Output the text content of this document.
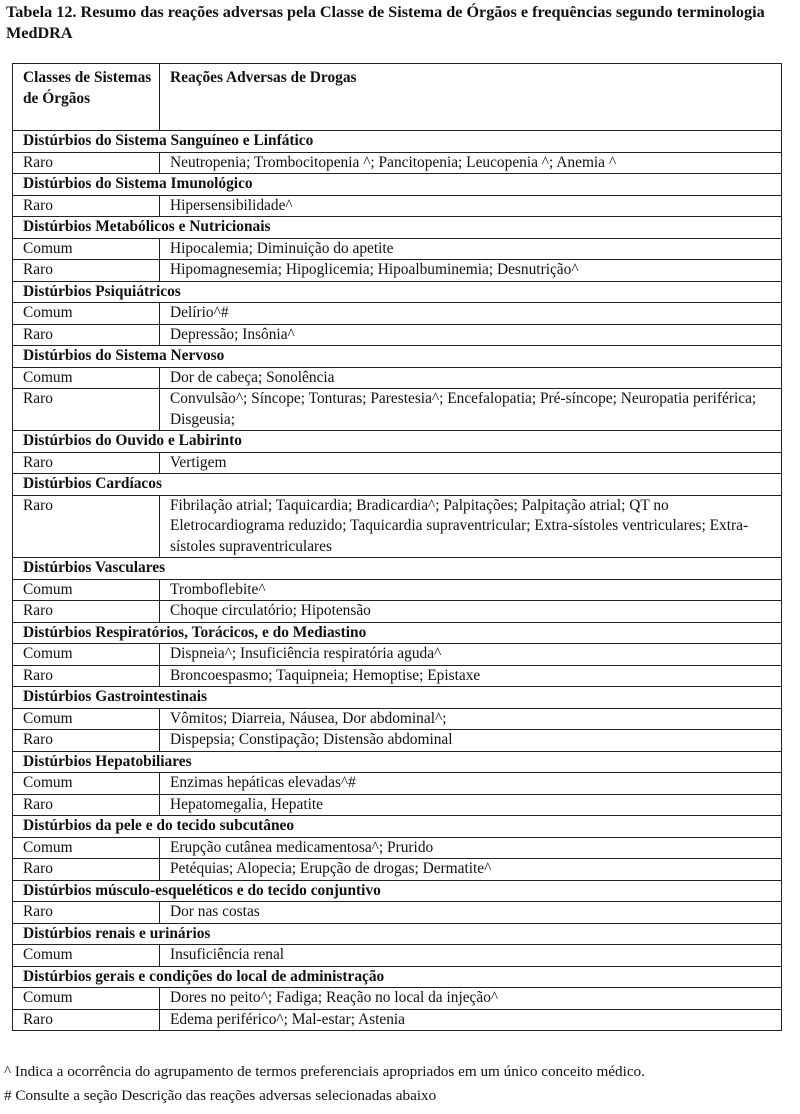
Tabela 12. Resumo das reações adversas pela Classe de Sistema de Órgãos e frequências segundo terminologia MedDRA

Classes de Sistemas de Órgãos	Reações Adversas de Drogas
Distúrbios do Sistema Sanguíneo e Linfático	
Raro	Neutropenia; Trombocitopenia ^; Pancitopenia; Leucopenia ^; Anemia ^
Distúrbios do Sistema Imunológico	
Raro	Hipersensibilidade^
Distúrbios Metabólicos e Nutricionais	
Comum	Hipocalemia; Diminuição do apetite
Raro	Hipomagnesemia; Hipoglicemia; Hipoalbuminemia; Desnutrição^
Distúrbios Psiquiátricos	
Comum	Delírio^#
Raro	Depressão; Insônia^
Distúrbios do Sistema Nervoso	
Comum	Dor de cabeça; Sonolência
Raro	Convulsão^; Síncope; Tonturas; Parestesia^; Encefalopatia; Pré-síncope; Neuropatia periférica; Disgeusia;
Distúrbios do Ouvido e Labirinto	
Raro	Vertigem
Distúrbios Cardíacos	
Raro	Fibrilação atrial; Taquicardia; Bradicardia^; Palpitações; Palpitação atrial; QT no Eletrocardiograma reduzido; Taquicardia supraventricular; Extra-sístoles ventriculares; Extra-sístoles supraventriculares
Distúrbios Vasculares	
Comum	Tromboflebite^
Raro	Choque circulatório; Hipotensão
Distúrbios Respiratórios, Torácicos, e do Mediastino	
Comum	Dispneia^; Insuficiência respiratória aguda^
Raro	Broncoespasmo; Taquipneia; Hemoptise; Epistaxe
Distúrbios Gastrointestinais	
Comum	Vômitos; Diarreia, Náusea, Dor abdominal^;
Raro	Dispepsia; Constipação; Distensão abdominal
Distúrbios Hepatobiliares	
Comum	Enzimas hepáticas elevadas^#
Raro	Hepatomegalia, Hepatite
Distúrbios da pele e do tecido subcutâneo	
Comum	Erupção cutânea medicamentosa^; Prurido
Raro	Petéquias; Alopecia; Erupção de drogas; Dermatite^
Distúrbios músculo-esqueléticos e do tecido conjuntivo	
Raro	Dor nas costas
Distúrbios renais e urinários	
Comum	Insuficiência renal
Distúrbios gerais e condições do local de administração	
Comum	Dores no peito^; Fadiga; Reação no local da injeção^
Raro	Edema periférico^; Mal-estar; Astenia
^ Indica a ocorrência do agrupamento de termos preferenciais apropriados em um único conceito médico.
# Consulte a seção Descrição das reações adversas selecionadas abaixo
